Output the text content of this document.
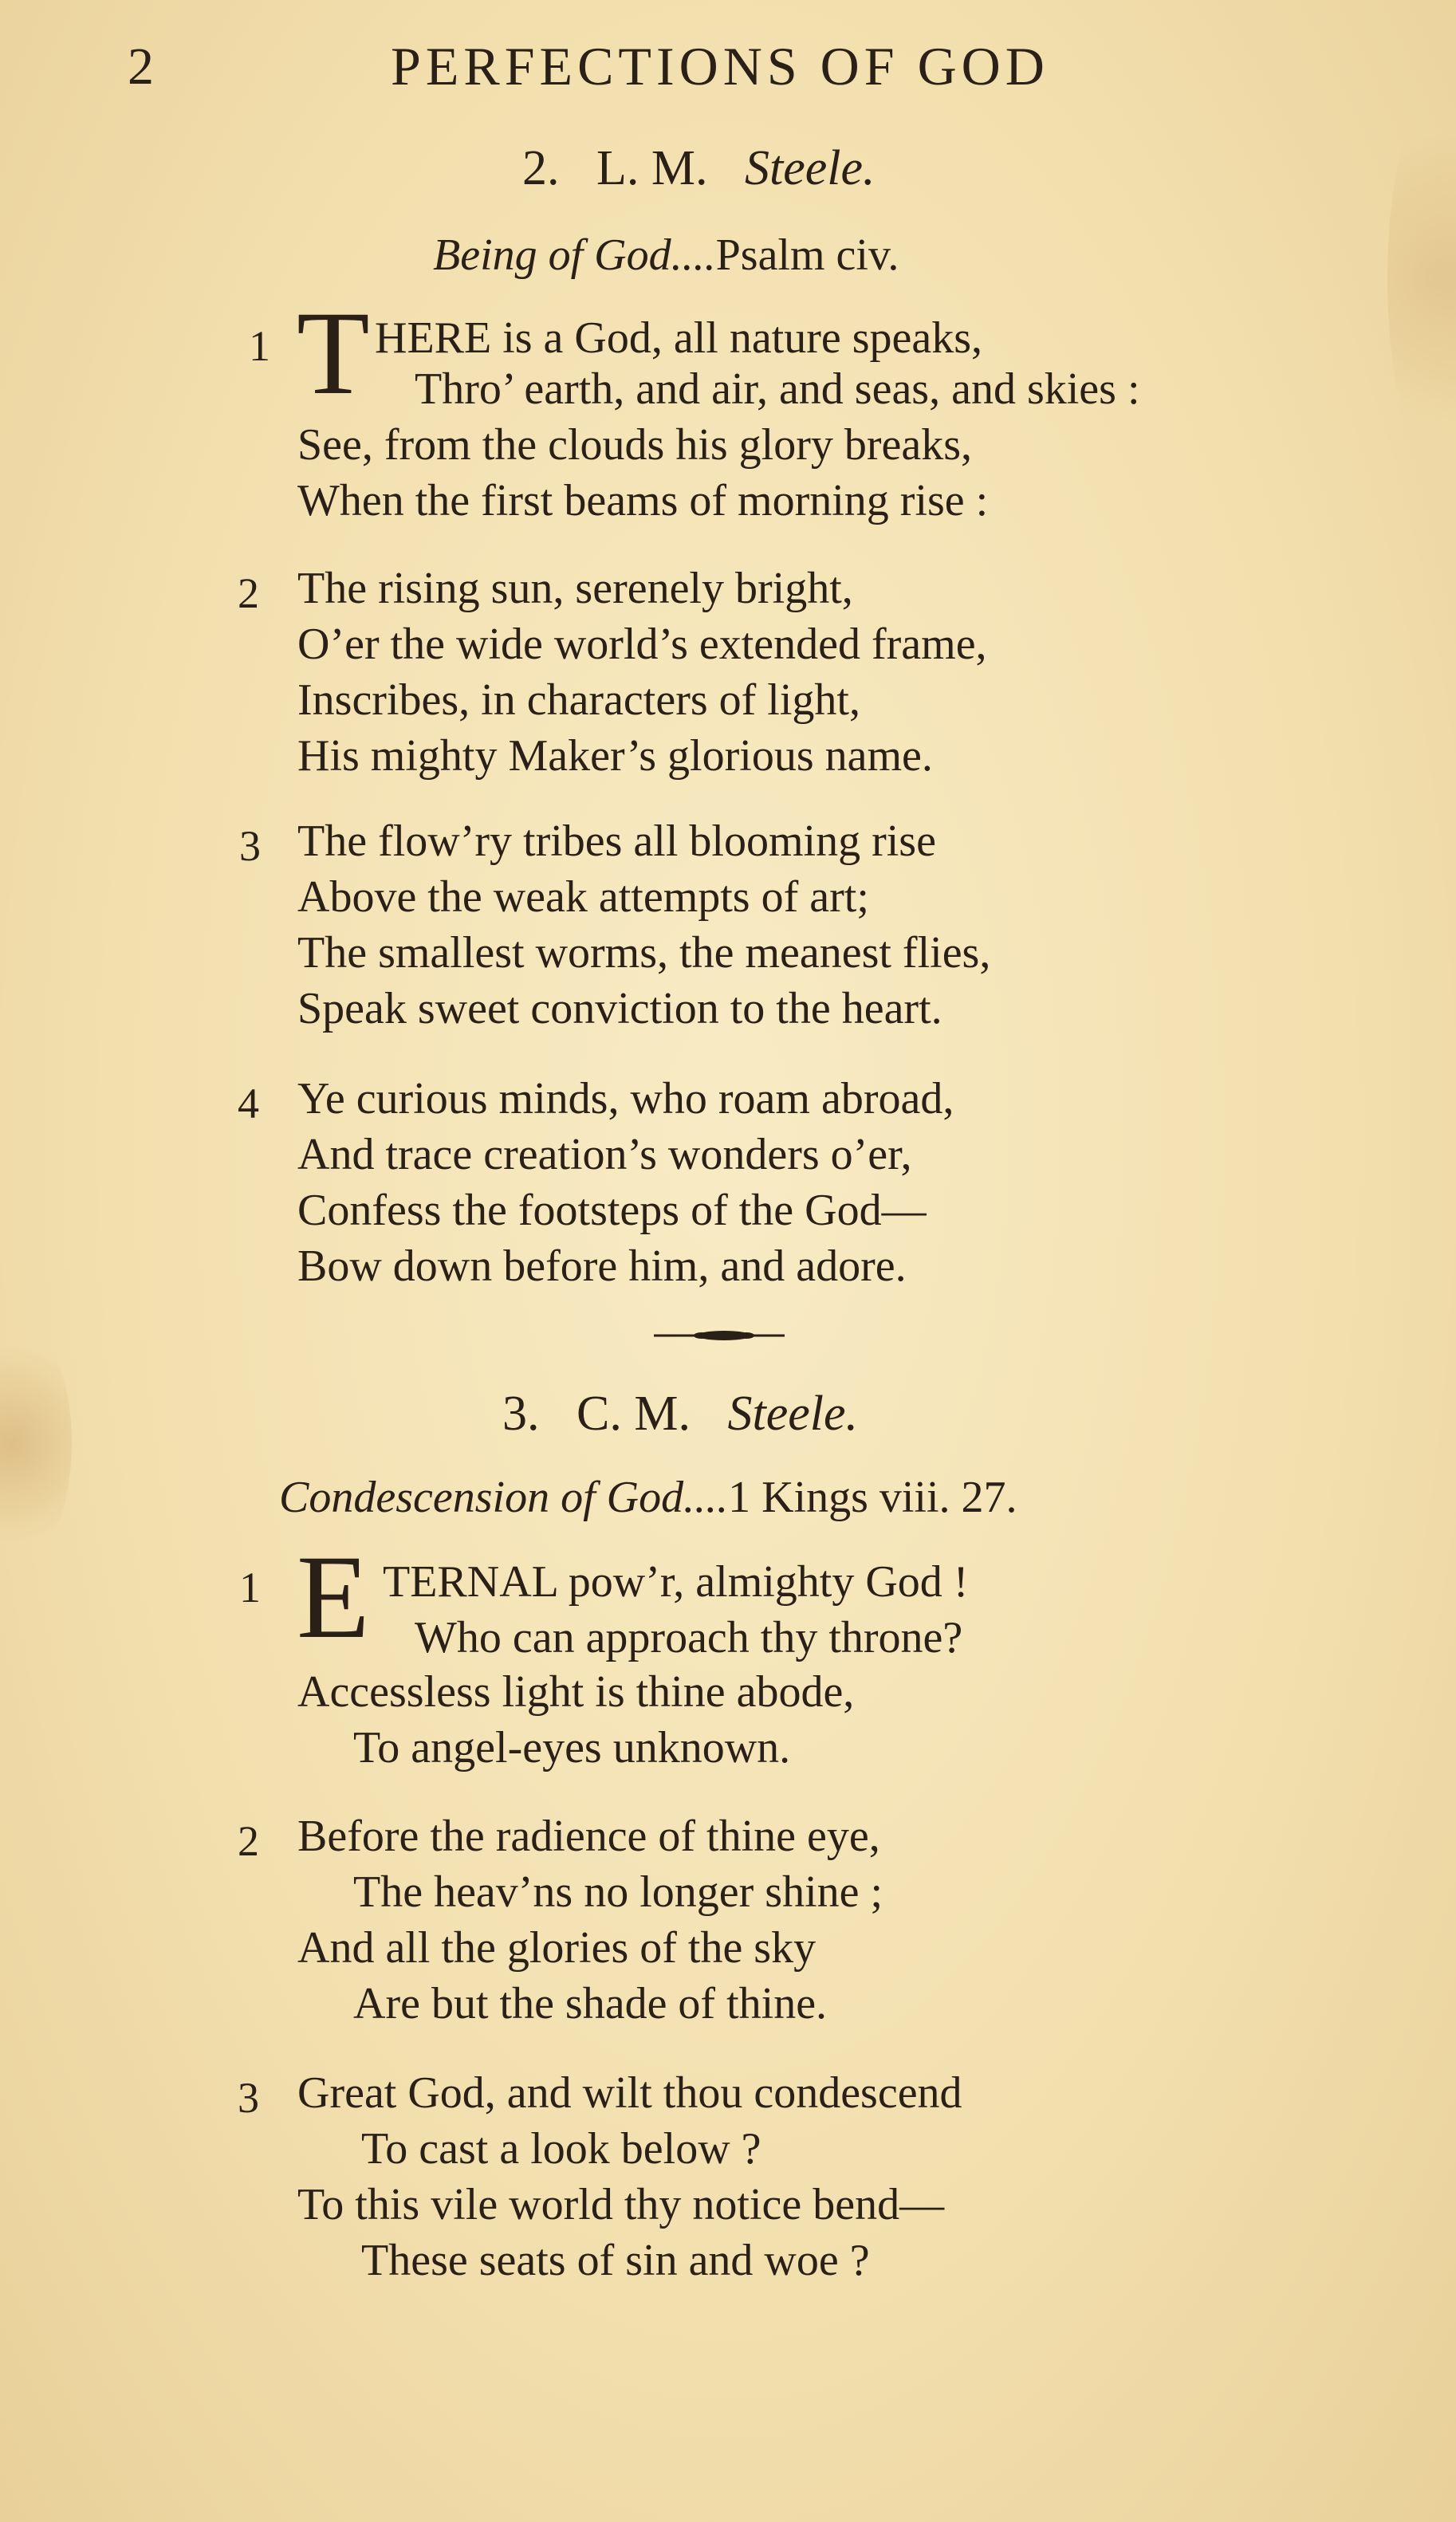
2	PERFECTIONS OF GOD
2. L. M. Steele.
Being of God....Psalm civ.
1 T HERE is a God, all nature speaks,
Thro’ earth, and air, and seas, and skies :
See, from the clouds his glory breaks,
When the first beams of morning rise :
2 The rising sun, serenely bright,
O’er the wide world’s extended frame,
Inscribes, in characters of light,
His mighty Maker’s glorious name.
3 The flow’ry tribes all blooming rise
Above the weak attempts of art;
The smallest worms, the meanest flies,
Speak sweet conviction to the heart.
4 Ye curious minds, who roam abroad,
And trace creation’s wonders o’er,
Confess the footsteps of the God—
Bow down before him, and adore.
3. C. M. Steele.
Condescension of God....1 Kings viii. 27.
1 E TERNAL pow’r, almighty God !
Who can approach thy throne?
Accessless light is thine abode,
To angel-eyes unknown.
2 Before the radience of thine eye,
The heav’ns no longer shine ;
And all the glories of the sky
Are but the shade of thine.
3 Great God, and wilt thou condescend
To cast a look below ?
To this vile world thy notice bend—
These seats of sin and woe ?
